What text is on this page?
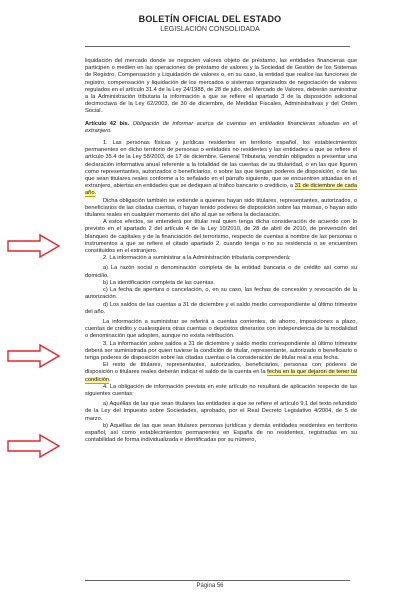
BOLETÍN OFICIAL DEL ESTADO
LEGISLACIÓN CONSOLIDADA

liquidación del mercado donde se negocien valores objeto de préstamo, las entidades financieras que participen o medien en las operaciones de préstamo de valores y la Sociedad de Gestión de los Sistemas de Registro, Compensación y Liquidación de valores o, en su caso, la entidad que realice las funciones de registro, compensación y liquidación de los mercados o sistemas organizados de negociación de valores regulados en el artículo 31.4 de la Ley 24/1988, de 28 de julio, del Mercado de Valores, deberán suministrar a la Administración tributaria la información a que se refiere el apartado 3 de la disposición adicional decimoctava de la Ley 62/2003, de 30 de diciembre, de Medidas Fiscales, Administrativas y del Orden Social.

Artículo 42 bis. Obligación de informar acerca de cuentas en entidades financieras situadas en el extranjero.

1. Las personas físicas y jurídicas residentes en territorio español, los establecimientos permanentes en dicho territorio de personas o entidades no residentes y las entidades a que se refiere el artículo 35.4 de la Ley 58/2003, de 17 de diciembre, General Tributaria, vendrán obligados a presentar una declaración informativa anual referente a la totalidad de las cuentas de su titularidad, o en las que figuren como representantes, autorizados o beneficiarios, o sobre las que tengan poderes de disposición, o de las que sean titulares reales conforme a lo señalado en el párrafo siguiente, que se encuentren situadas en el extranjero, abiertas en entidades que se dediquen al tráfico bancario o crediticio, a 31 de diciembre de cada año.

Dicha obligación también se extiende a quienes hayan sido titulares, representantes, autorizados, o beneficiarios de las citadas cuentas, o hayan tenido poderes de disposición sobre las mismas, o hayan sido titulares reales en cualquier momento del año al que se refiera la declaración.

A estos efectos, se entenderá por titular real quien tenga dicha consideración de acuerdo con lo previsto en el apartado 2 del artículo 4 de la Ley 10/2010, de 28 de abril de 2010, de prevención del blanqueo de capitales y de la financiación del terrorismo, respecto de cuentas a nombre de las personas o instrumentos a que se refiere el citado apartado 2, cuando tenga o no su residencia o se encuentren constituidos en el extranjero.

2. La información a suministrar a la Administración tributaria comprenderá:

a) La razón social o denominación completa de la entidad bancaria o de crédito así como su domicilio.

b) La identificación completa de las cuentas.

c) La fecha de apertura o cancelación, o, en su caso, las fechas de concesión y revocación de la autorización.

d) Los saldos de las cuentas a 31 de diciembre y el saldo medio correspondiente al último trimestre del año.

La información a suministrar se referirá a cuentas corrientes, de ahorro, imposiciones a plazo, cuentas de crédito y cualesquiera otras cuentas o depósitos dinerarios con independencia de la modalidad o denominación que adopten, aunque no exista retribución.

3. La información sobre saldos a 31 de diciembre y saldo medio correspondiente al último trimestre deberá ser suministrada por quien tuviese la condición de titular, representante, autorizado o beneficiario o tenga poderes de disposición sobre las citadas cuentas o la consideración de titular real a esa fecha.

El resto de titulares, representantes, autorizados, beneficiarios, personas con poderes de disposición o titulares reales deberán indicar el saldo de la cuenta en la fecha en la que dejaron de tener tal condición.

4. La obligación de información prevista en este artículo no resultará de aplicación respecto de las siguientes cuentas:

a) Aquéllas de las que sean titulares las entidades a que se refiere el artículo 9.1 del texto refundido de la Ley del Impuesto sobre Sociedades, aprobado, por el Real Decreto Legislativo 4/2004, de 5 de marzo.

b) Aquéllas de las que sean titulares personas jurídicas y demás entidades residentes en territorio español, así como establecimientos permanentes en España de no residentes, registradas en su contabilidad de forma individualizada e identificadas por su número,

Página 56
